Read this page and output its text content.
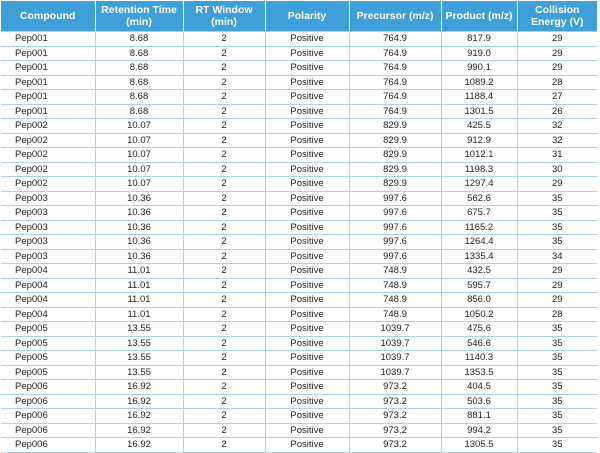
Compound	Retention Time (min)	RT Window (min)	Polarity	Precursor (m/z)	Product (m/z)	Collision Energy (V)
Pep001	8.68	2	Positive	764.9	817.9	29
Pep001	8.68	2	Positive	764.9	919.0	29
Pep001	8.68	2	Positive	764.9	990.1	29
Pep001	8.68	2	Positive	764.9	1089.2	28
Pep001	8.68	2	Positive	764.9	1188.4	27
Pep001	8.68	2	Positive	764.9	1301.5	26
Pep002	10.07	2	Positive	829.9	425.5	32
Pep002	10.07	2	Positive	829.9	912.9	32
Pep002	10.07	2	Positive	829.9	1012.1	31
Pep002	10.07	2	Positive	829.9	1198.3	30
Pep002	10.07	2	Positive	829.9	1297.4	29
Pep003	10.36	2	Positive	997.6	562.6	35
Pep003	10.36	2	Positive	997.6	675.7	35
Pep003	10.36	2	Positive	997.6	1165.2	35
Pep003	10.36	2	Positive	997.6	1264.4	35
Pep003	10.36	2	Positive	997.6	1335.4	34
Pep004	11.01	2	Positive	748.9	432.5	29
Pep004	11.01	2	Positive	748.9	595.7	29
Pep004	11.01	2	Positive	748.9	856.0	29
Pep004	11.01	2	Positive	748.9	1050.2	28
Pep005	13.55	2	Positive	1039.7	475.6	35
Pep005	13.55	2	Positive	1039.7	546.6	35
Pep005	13.55	2	Positive	1039.7	1140.3	35
Pep005	13.55	2	Positive	1039.7	1353.5	35
Pep006	16.92	2	Positive	973.2	404.5	35
Pep006	16.92	2	Positive	973.2	503.6	35
Pep006	16.92	2	Positive	973.2	881.1	35
Pep006	16.92	2	Positive	973.2	994.2	35
Pep006	16.92	2	Positive	973.2	1305.5	35
